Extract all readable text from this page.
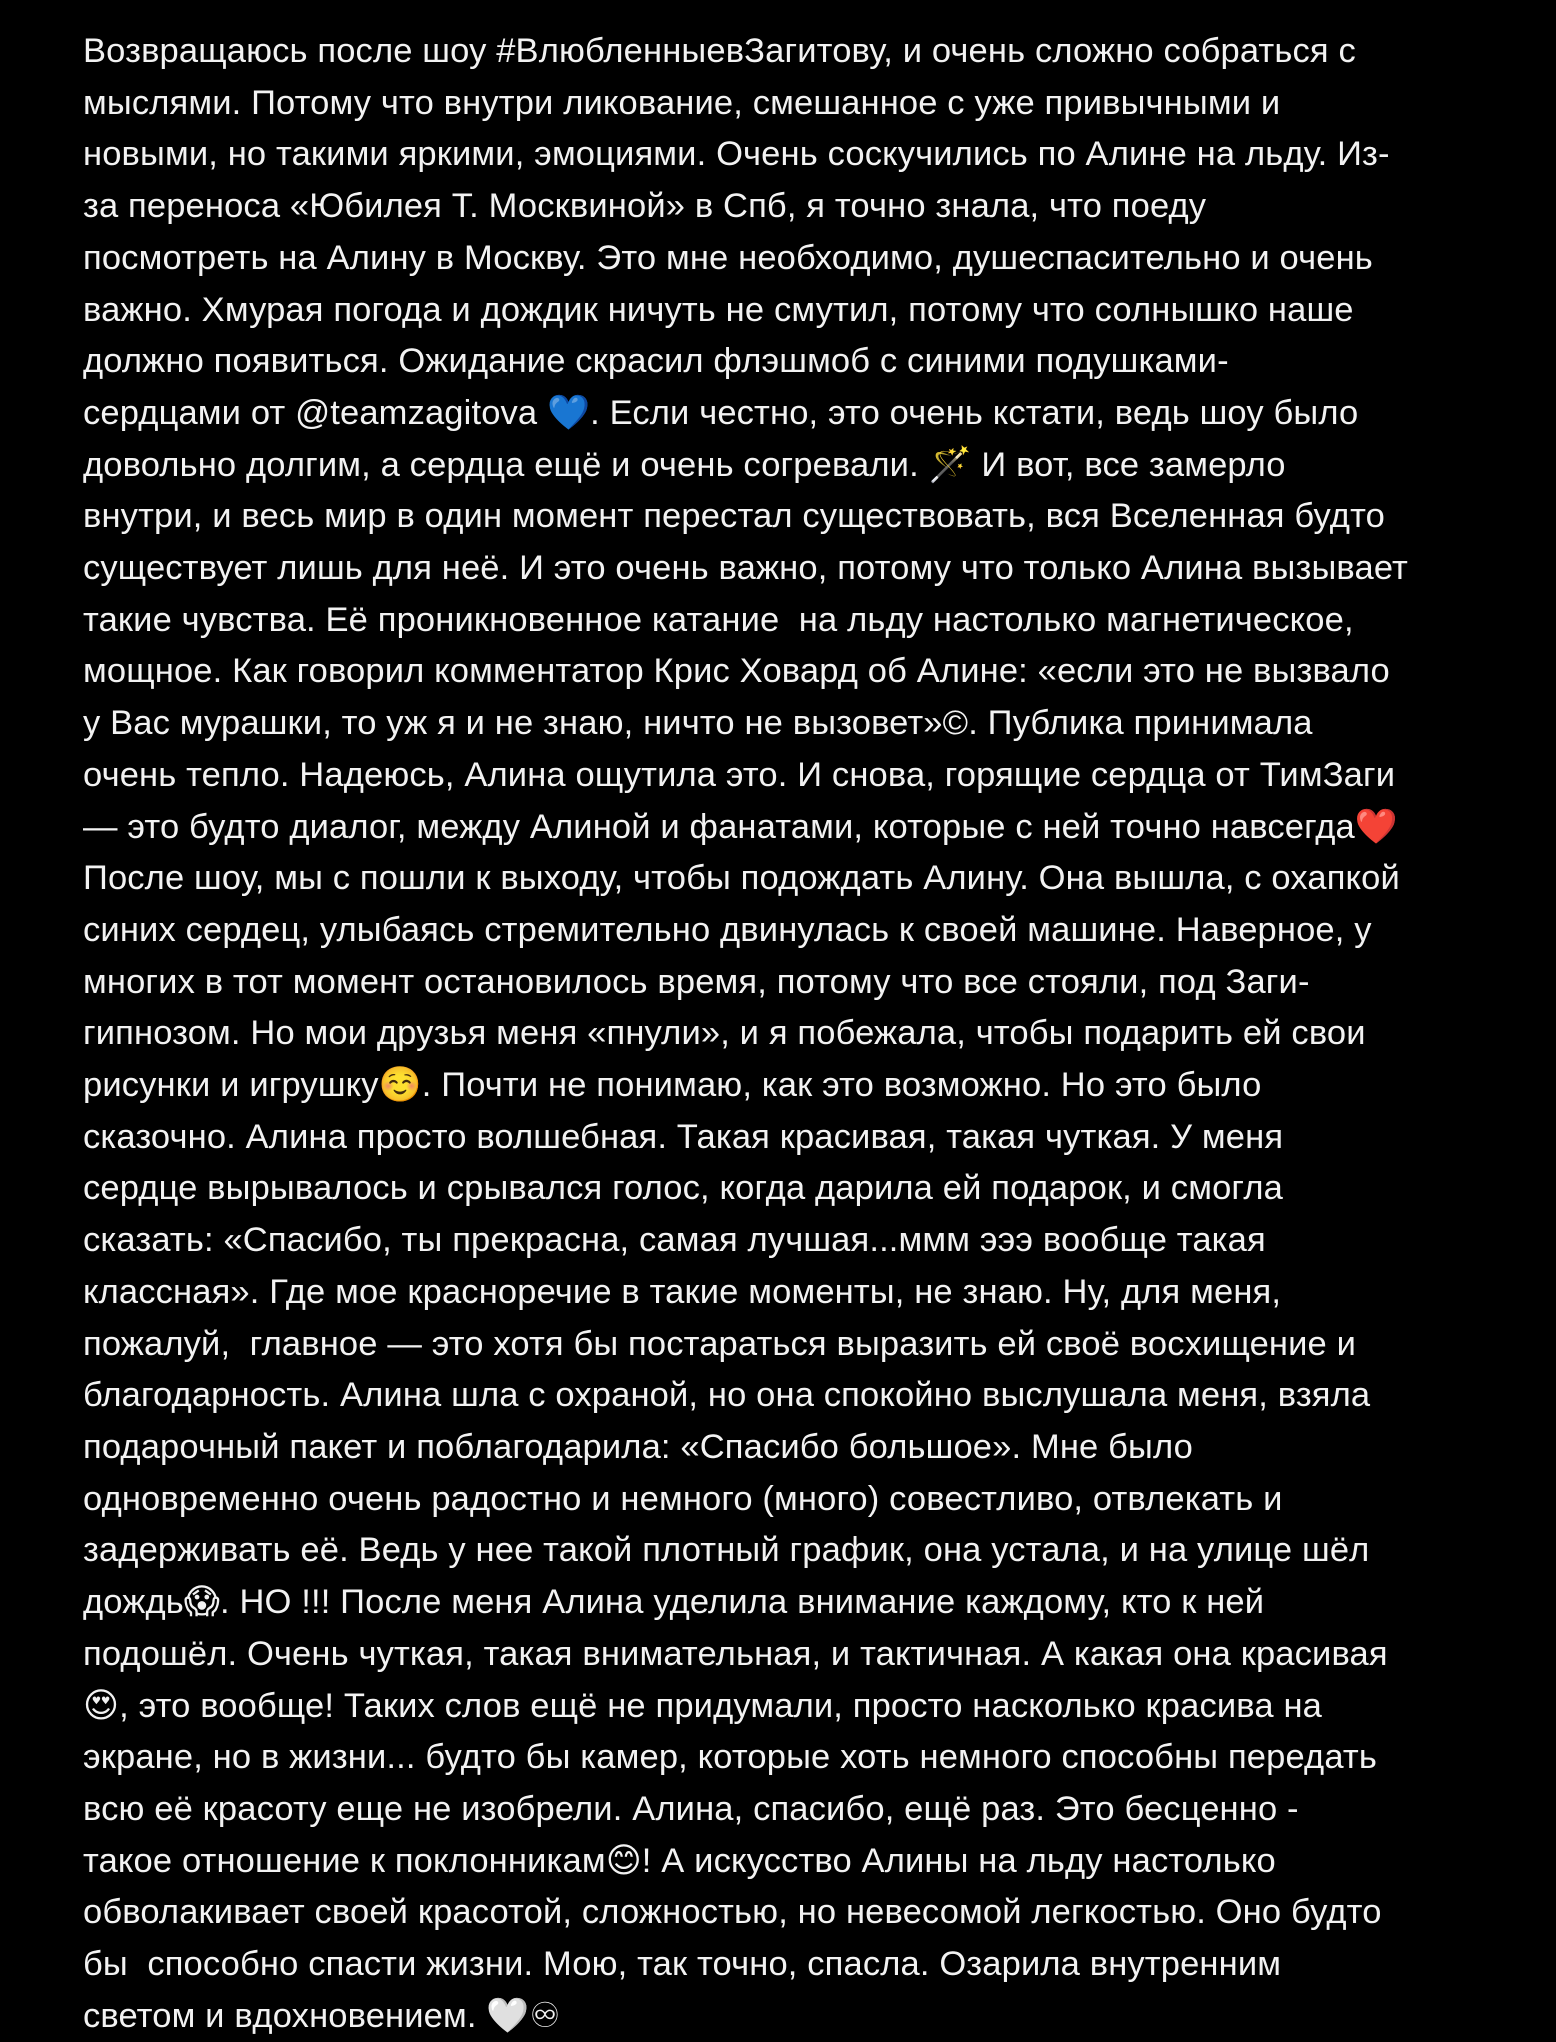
Возвращаюсь после шоу #ВлюбленныевЗагитову, и очень сложно собраться с
мыслями. Потому что внутри ликование, смешанное с уже привычными и
новыми, но такими яркими, эмоциями. Очень соскучились по Алине на льду. Из-
за переноса «Юбилея Т. Москвиной» в Спб, я точно знала, что поеду
посмотреть на Алину в Москву. Это мне необходимо, душеспасительно и очень
важно. Хмурая погода и дождик ничуть не смутил, потому что солнышко наше
должно появиться. Ожидание скрасил флэшмоб с синими подушками-
сердцами от @teamzagitova 💙. Если честно, это очень кстати, ведь шоу было
довольно долгим, а сердца ещё и очень согревали. 🪄 И вот, все замерло
внутри, и весь мир в один момент перестал существовать, вся Вселенная будто
существует лишь для неё. И это очень важно, потому что только Алина вызывает
такие чувства. Её проникновенное катание  на льду настолько магнетическое,
мощное. Как говорил комментатор Крис Ховард об Алине: «если это не вызвало
у Вас мурашки, то уж я и не знаю, ничто не вызовет»©. Публика принимала
очень тепло. Надеюсь, Алина ощутила это. И снова, горящие сердца от ТимЗаги
— это будто диалог, между Алиной и фанатами, которые с ней точно навсегда❤️
После шоу, мы с пошли к выходу, чтобы подождать Алину. Она вышла, с охапкой
синих сердец, улыбаясь стремительно двинулась к своей машине. Наверное, у
многих в тот момент остановилось время, потому что все стояли, под Заги-
гипнозом. Но мои друзья меня «пнули», и я побежала, чтобы подарить ей свои
рисунки и игрушку☺️. Почти не понимаю, как это возможно. Но это было
сказочно. Алина просто волшебная. Такая красивая, такая чуткая. У меня
сердце вырывалось и срывался голос, когда дарила ей подарок, и смогла
сказать: «Спасибо, ты прекрасна, самая лучшая...ммм эээ вообще такая
классная». Где мое красноречие в такие моменты, не знаю. Ну, для меня,
пожалуй,  главное — это хотя бы постараться выразить ей своё восхищение и
благодарность. Алина шла с охраной, но она спокойно выслушала меня, взяла
подарочный пакет и поблагодарила: «Спасибо большое». Мне было
одновременно очень радостно и немного (много) совестливо, отвлекать и
задерживать её. Ведь у нее такой плотный график, она устала, и на улице шёл
дождь😱. НО !!! После меня Алина уделила внимание каждому, кто к ней
подошёл. Очень чуткая, такая внимательная, и тактичная. А какая она красивая
😍, это вообще! Таких слов ещё не придумали, просто насколько красива на
экране, но в жизни... будто бы камер, которые хоть немного способны передать
всю её красоту еще не изобрели. Алина, спасибо, ещё раз. Это бесценно -
такое отношение к поклонникам😊! А искусство Алины на льду настолько
обволакивает своей красотой, сложностью, но невесомой легкостью. Оно будто
бы  способно спасти жизни. Мою, так точно, спасла. Озарила внутренним
светом и вдохновением. 🤍♾
